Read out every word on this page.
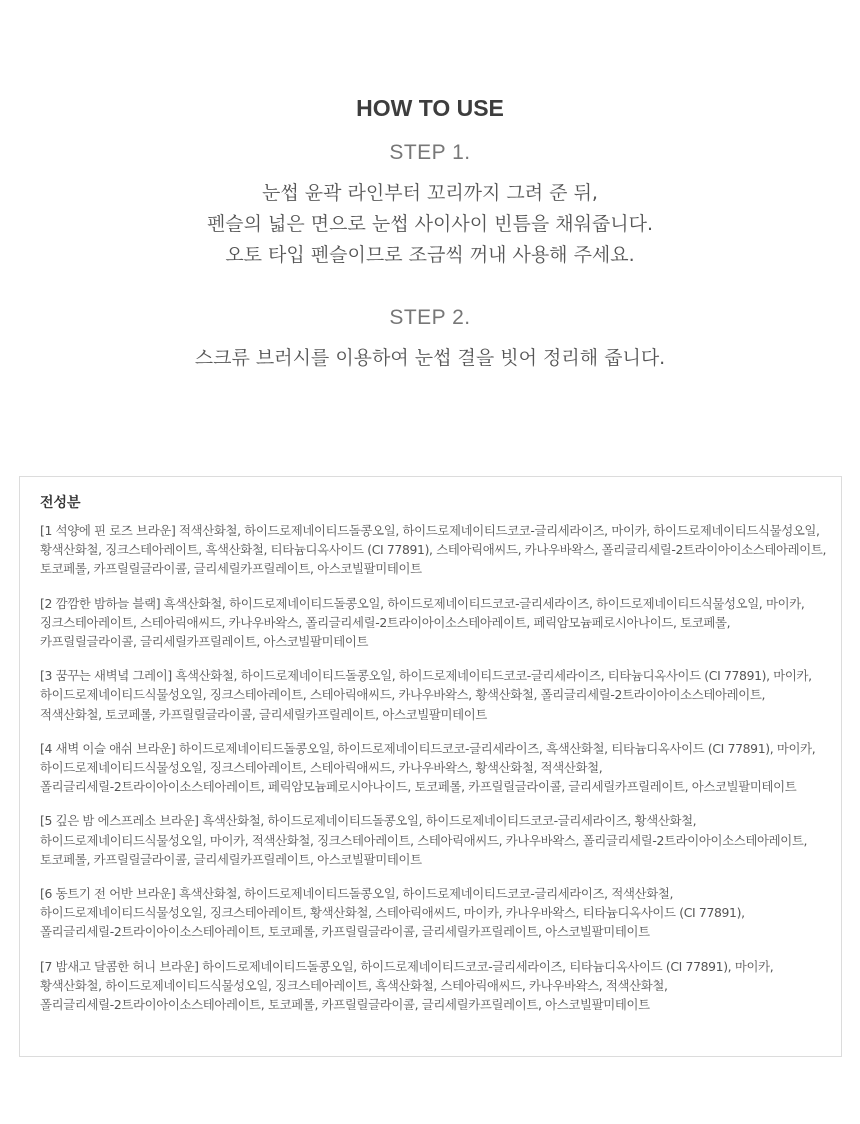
HOW TO USE
STEP 1.
눈썹 윤곽 라인부터 꼬리까지 그려 준 뒤,
펜슬의 넓은 면으로 눈썹 사이사이 빈틈을 채워줍니다.
오토 타입 펜슬이므로 조금씩 꺼내 사용해 주세요.
STEP 2.
스크류 브러시를 이용하여 눈썹 결을 빗어 정리해 줍니다.
전성분

[1 석양에 핀 로즈 브라운] 적색산화철, 하이드로제네이티드돌콩오일, 하이드로제네이티드코코-글리세라이즈, 마이카, 하이드로제네이티드식물성오일, 황색산화철, 징크스테아레이트, 흑색산화철, 티타늄디옥사이드 (CI 77891), 스테아릭애씨드, 카나우바왁스, 폴리글리세릴-2트라이아이소스테아레이트, 토코페롤, 카프릴릴글라이콜, 글리세릴카프릴레이트, 아스코빌팔미테이트

[2 깜깜한 밤하늘 블랙] 흑색산화철, 하이드로제네이티드돌콩오일, 하이드로제네이티드코코-글리세라이즈, 하이드로제네이티드식물성오일, 마이카, 징크스테아레이트, 스테아릭애씨드, 카나우바왁스, 폴리글리세릴-2트라이아이소스테아레이트, 페릭암모늄페로시아나이드, 토코페롤, 카프릴릴글라이콜, 글리세릴카프릴레이트, 아스코빌팔미테이트

[3 꿈꾸는 새벽녘 그레이] 흑색산화철, 하이드로제네이티드돌콩오일, 하이드로제네이티드코코-글리세라이즈, 티타늄디옥사이드 (CI 77891), 마이카, 하이드로제네이티드식물성오일, 징크스테아레이트, 스테아릭애씨드, 카나우바왁스, 황색산화철, 폴리글리세릴-2트라이아이소스테아레이트, 적색산화철, 토코페롤, 카프릴릴글라이콜, 글리세릴카프릴레이트, 아스코빌팔미테이트

[4 새벽 이슬 애쉬 브라운] 하이드로제네이티드돌콩오일, 하이드로제네이티드코코-글리세라이즈, 흑색산화철, 티타늄디옥사이드 (CI 77891), 마이카, 하이드로제네이티드식물성오일, 징크스테아레이트, 스테아릭애씨드, 카나우바왁스, 황색산화철, 적색산화철, 폴리글리세릴-2트라이아이소스테아레이트, 페릭암모늄페로시아나이드, 토코페롤, 카프릴릴글라이콜, 글리세릴카프릴레이트, 아스코빌팔미테이트

[5 깊은 밤 에스프레소 브라운] 흑색산화철, 하이드로제네이티드돌콩오일, 하이드로제네이티드코코-글리세라이즈, 황색산화철, 하이드로제네이티드식물성오일, 마이카, 적색산화철, 징크스테아레이트, 스테아릭애씨드, 카나우바왁스, 폴리글리세릴-2트라이아이소스테아레이트, 토코페롤, 카프릴릴글라이콜, 글리세릴카프릴레이트, 아스코빌팔미테이트

[6 동트기 전 어반 브라운] 흑색산화철, 하이드로제네이티드돌콩오일, 하이드로제네이티드코코-글리세라이즈, 적색산화철, 하이드로제네이티드식물성오일, 징크스테아레이트, 황색산화철, 스테아릭애씨드, 마이카, 카나우바왁스, 티타늄디옥사이드 (CI 77891), 폴리글리세릴-2트라이아이소스테아레이트, 토코페롤, 카프릴릴글라이콜, 글리세릴카프릴레이트, 아스코빌팔미테이트

[7 밤새고 달콤한 허니 브라운] 하이드로제네이티드돌콩오일, 하이드로제네이티드코코-글리세라이즈, 티타늄디옥사이드 (CI 77891), 마이카, 황색산화철, 하이드로제네이티드식물성오일, 징크스테아레이트, 흑색산화철, 스테아릭애씨드, 카나우바왁스, 적색산화철, 폴리글리세릴-2트라이아이소스테아레이트, 토코페롤, 카프릴릴글라이콜, 글리세릴카프릴레이트, 아스코빌팔미테이트
